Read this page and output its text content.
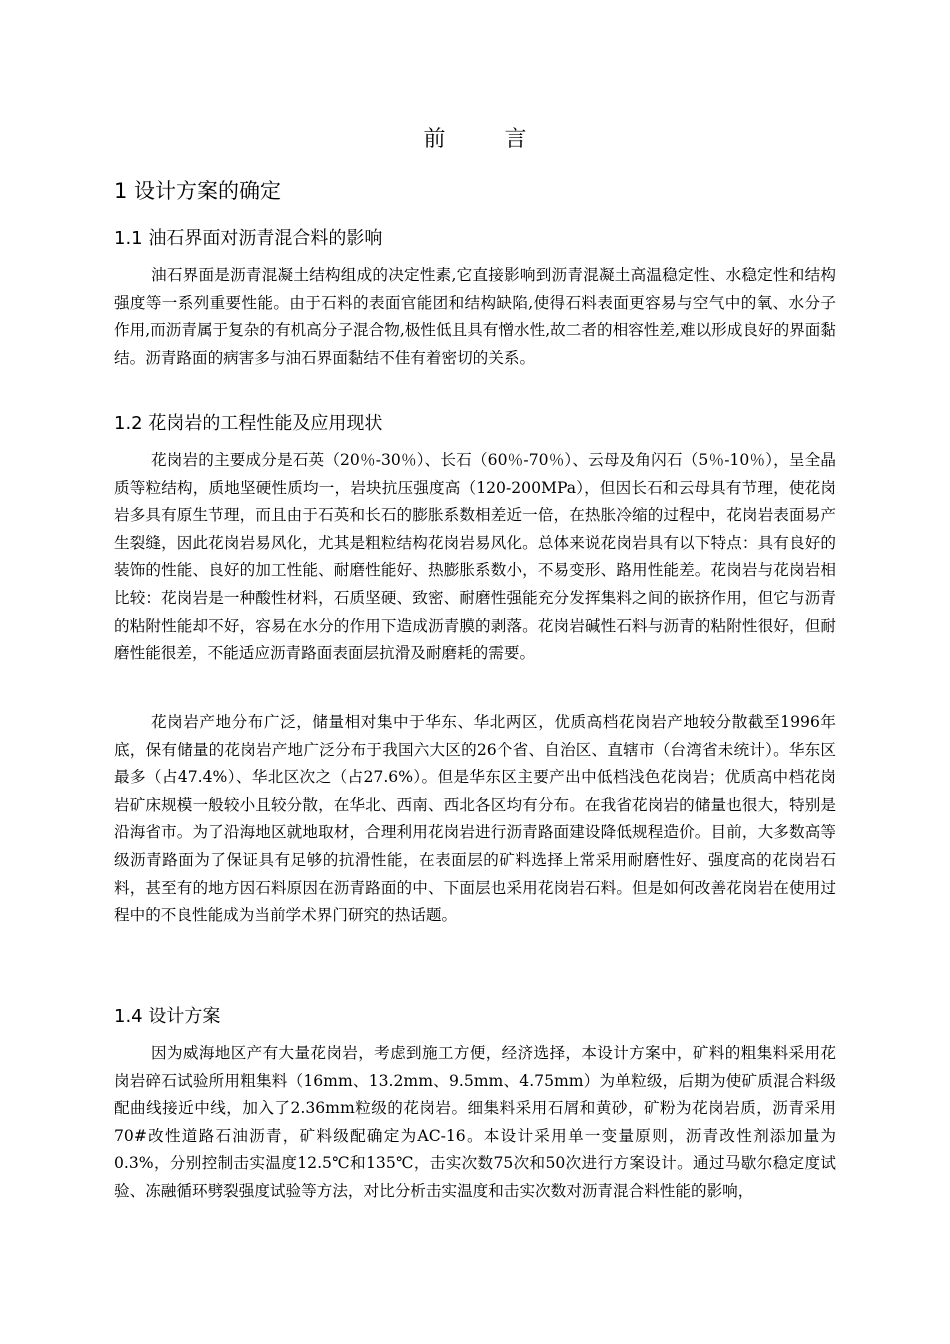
前 言
1 设计方案的确定
1.1 油石界面对沥青混合料的影响

油石界面是沥青混凝土结构组成的决定性素,它直接影响到沥青混凝土高温稳定性、水稳定性和结构强度等一系列重要性能。由于石料的表面官能团和结构缺陷,使得石料表面更容易与空气中的氧、水分子作用,而沥青属于复杂的有机高分子混合物,极性低且具有憎水性,故二者的相容性差,难以形成良好的界面黏结。沥青路面的病害多与油石界面黏结不佳有着密切的关系。

1.2 花岗岩的工程性能及应用现状

花岗岩的主要成分是石英（20％-30％）、长石（60％-70％）、云母及角闪石（5％-10％），呈全晶质等粒结构，质地坚硬性质均一，岩块抗压强度高（120-200MPa），但因长石和云母具有节理，使花岗岩多具有原生节理，而且由于石英和长石的膨胀系数相差近一倍，在热胀冷缩的过程中，花岗岩表面易产生裂缝，因此花岗岩易风化，尤其是粗粒结构花岗岩易风化。总体来说花岗岩具有以下特点：具有良好的装饰的性能、良好的加工性能、耐磨性能好、热膨胀系数小，不易变形、路用性能差。花岗岩与花岗岩相比较：花岗岩是一种酸性材料，石质坚硬、致密、耐磨性强能充分发挥集料之间的嵌挤作用，但它与沥青的粘附性能却不好，容易在水分的作用下造成沥青膜的剥落。花岗岩碱性石料与沥青的粘附性很好，但耐磨性能很差，不能适应沥青路面表面层抗滑及耐磨耗的需要。

花岗岩产地分布广泛，储量相对集中于华东、华北两区，优质高档花岗岩产地较分散截至1996年底，保有储量的花岗岩产地广泛分布于我国六大区的26个省、自治区、直辖市（台湾省未统计）。华东区最多（占47.4%）、华北区次之（占27.6%）。但是华东区主要产出中低档浅色花岗岩；优质高中档花岗岩矿床规模一般较小且较分散，在华北、西南、西北各区均有分布。在我省花岗岩的储量也很大，特别是沿海省市。为了沿海地区就地取材，合理利用花岗岩进行沥青路面建设降低规程造价。目前，大多数高等级沥青路面为了保证具有足够的抗滑性能，在表面层的矿料选择上常采用耐磨性好、强度高的花岗岩石料，甚至有的地方因石料原因在沥青路面的中、下面层也采用花岗岩石料。但是如何改善花岗岩在使用过程中的不良性能成为当前学术界门研究的热话题。

1.4 设计方案

因为威海地区产有大量花岗岩，考虑到施工方便，经济选择，本设计方案中，矿料的粗集料采用花岗岩碎石试验所用粗集料（16mm、13.2mm、9.5mm、4.75mm）为单粒级，后期为使矿质混合料级配曲线接近中线，加入了2.36mm粒级的花岗岩。细集料采用石屑和黄砂，矿粉为花岗岩质，沥青采用70#改性道路石油沥青，矿料级配确定为AC-16。本设计采用单一变量原则，沥青改性剂添加量为0.3%，分别控制击实温度12.5℃和135℃，击实次数75次和50次进行方案设计。通过马歇尔稳定度试验、冻融循环劈裂强度试验等方法，对比分析击实温度和击实次数对沥青混合料性能的影响，
